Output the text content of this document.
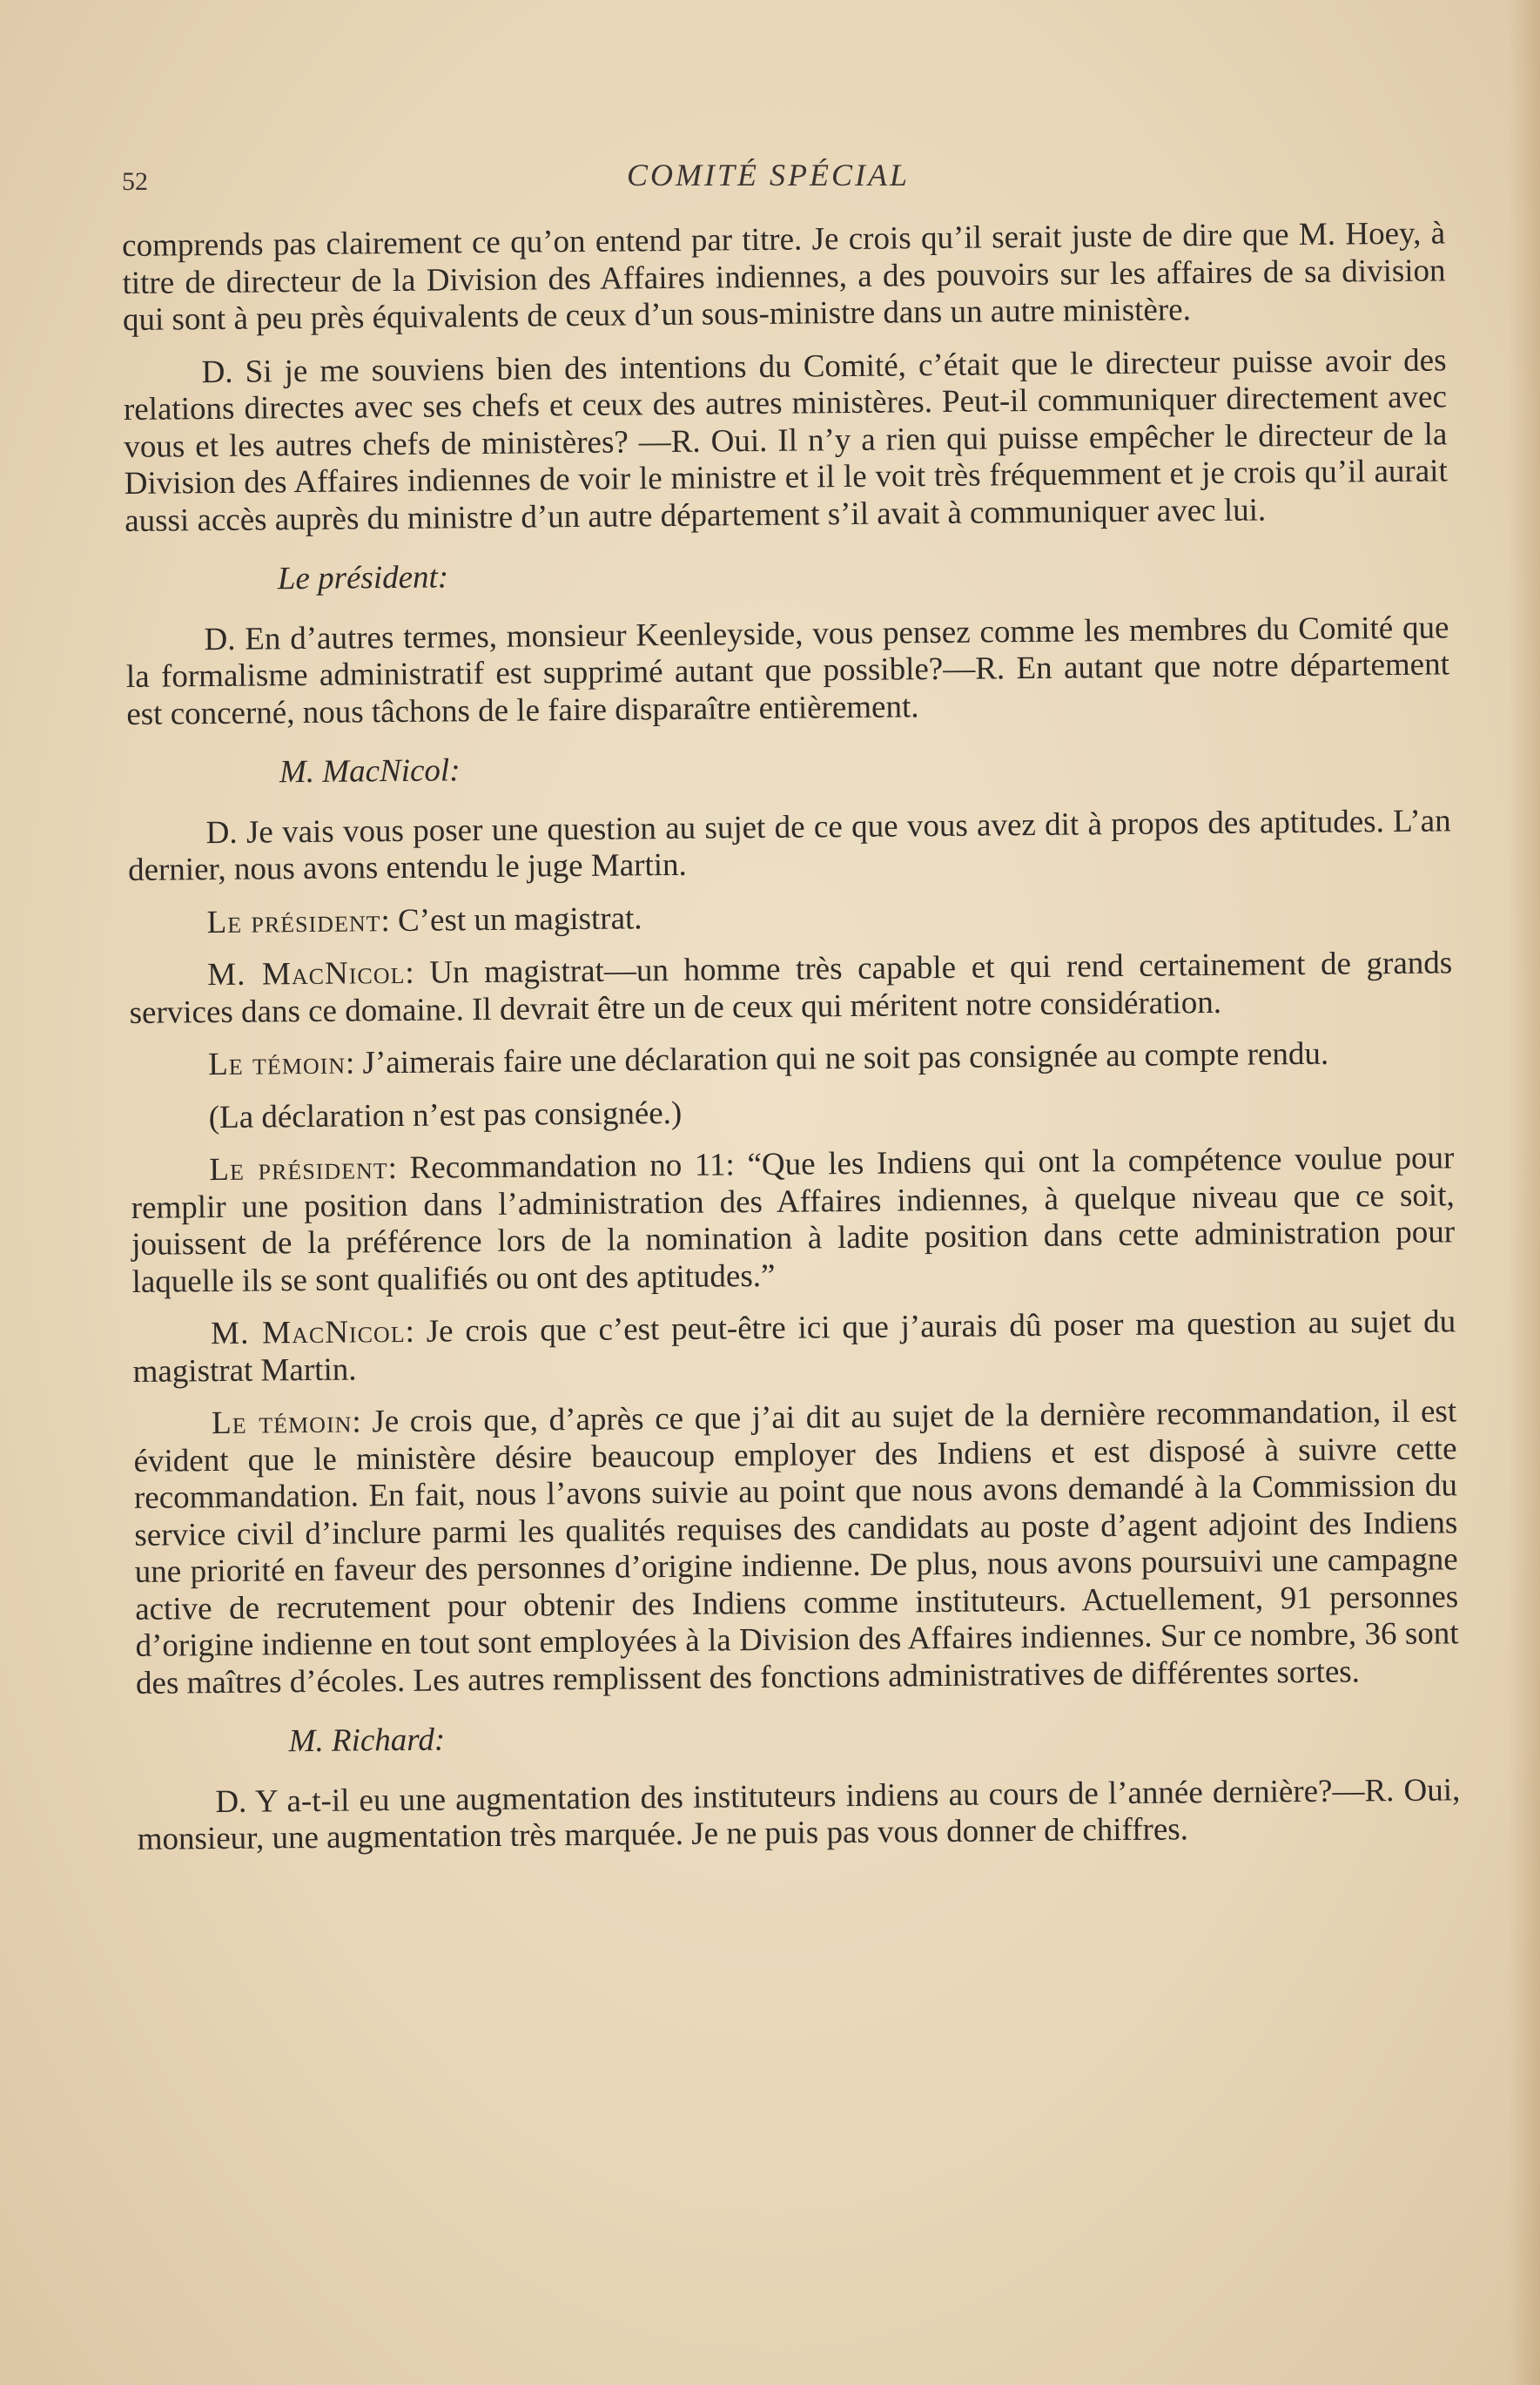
52	COMITÉ SPÉCIAL

comprends pas clairement ce qu’on entend par titre. Je crois qu’il serait juste de dire que M. Hoey, à titre de directeur de la Division des Affaires indiennes, a des pouvoirs sur les affaires de sa division qui sont à peu près équivalents de ceux d’un sous-ministre dans un autre ministère.

D. Si je me souviens bien des intentions du Comité, c’était que le directeur puisse avoir des relations directes avec ses chefs et ceux des autres ministères. Peut-il communiquer directement avec vous et les autres chefs de ministères? —R. Oui. Il n’y a rien qui puisse empêcher le directeur de la Division des Affaires indiennes de voir le ministre et il le voit très fréquemment et je crois qu’il aurait aussi accès auprès du ministre d’un autre département s’il avait à communiquer avec lui.

Le président:

D. En d’autres termes, monsieur Keenleyside, vous pensez comme les membres du Comité que la formalisme administratif est supprimé autant que possible?—R. En autant que notre département est concerné, nous tâchons de le faire disparaître entièrement.

M. MacNicol:

D. Je vais vous poser une question au sujet de ce que vous avez dit à propos des aptitudes. L’an dernier, nous avons entendu le juge Martin.

Le président: C’est un magistrat.

M. MacNicol: Un magistrat—un homme très capable et qui rend certainement de grands services dans ce domaine. Il devrait être un de ceux qui méritent notre considération.

Le témoin: J’aimerais faire une déclaration qui ne soit pas consignée au compte rendu.

(La déclaration n’est pas consignée.)

Le président: Recommandation no 11: “Que les Indiens qui ont la compétence voulue pour remplir une position dans l’administration des Affaires indiennes, à quelque niveau que ce soit, jouissent de la préférence lors de la nomination à ladite position dans cette administration pour laquelle ils se sont qualifiés ou ont des aptitudes.”

M. MacNicol: Je crois que c’est peut-être ici que j’aurais dû poser ma question au sujet du magistrat Martin.

Le témoin: Je crois que, d’après ce que j’ai dit au sujet de la dernière recommandation, il est évident que le ministère désire beaucoup employer des Indiens et est disposé à suivre cette recommandation. En fait, nous l’avons suivie au point que nous avons demandé à la Commission du service civil d’inclure parmi les qualités requises des candidats au poste d’agent adjoint des Indiens une priorité en faveur des personnes d’origine indienne. De plus, nous avons poursuivi une campagne active de recrutement pour obtenir des Indiens comme instituteurs. Actuellement, 91 personnes d’origine indienne en tout sont employées à la Division des Affaires indiennes. Sur ce nombre, 36 sont des maîtres d’écoles. Les autres remplissent des fonctions administratives de différentes sortes.

M. Richard:

D. Y a-t-il eu une augmentation des instituteurs indiens au cours de l’année dernière?—R. Oui, monsieur, une augmentation très marquée. Je ne puis pas vous donner de chiffres.
